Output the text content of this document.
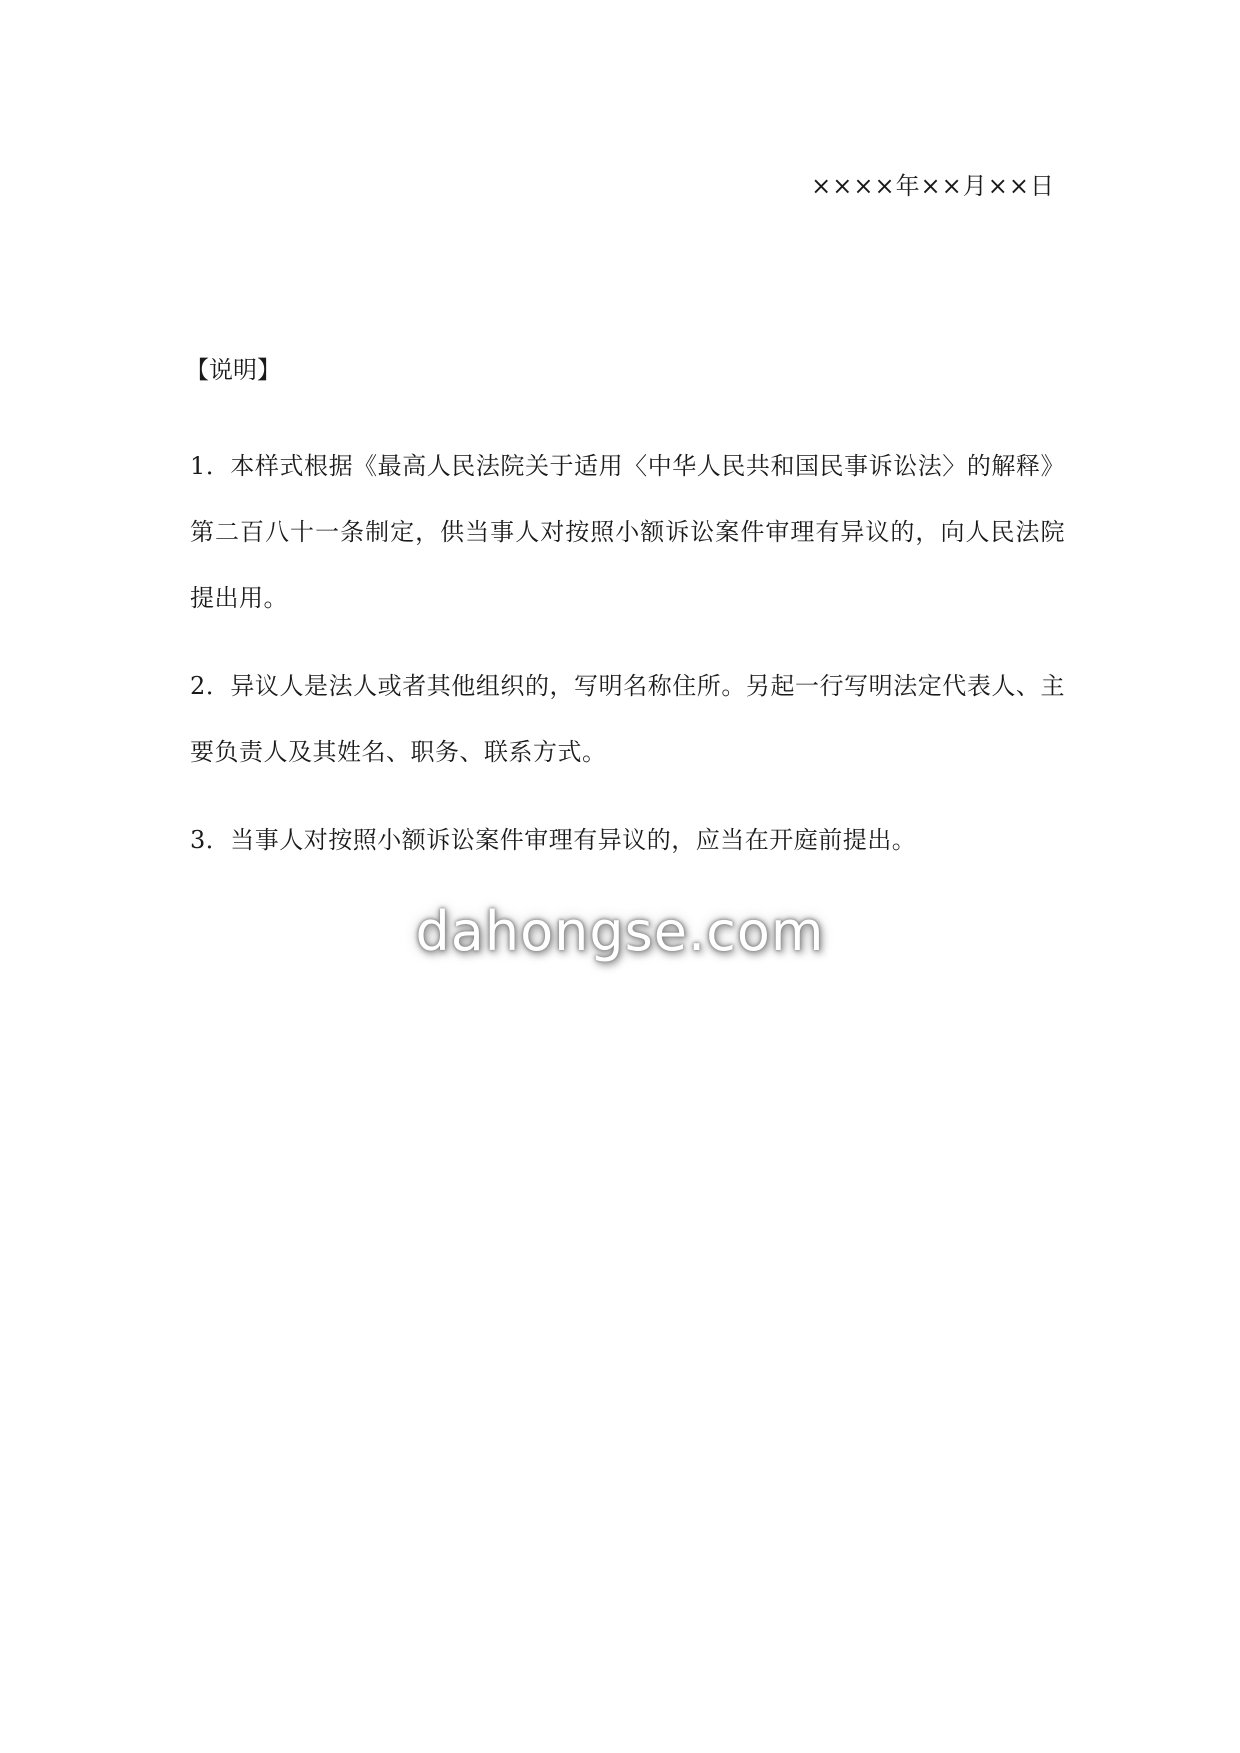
××××年××月××日
【说明】
1．本样式根据《最高人民法院关于适用〈中华人民共和国民事诉讼法〉的解释》第二百八十一条制定，供当事人对按照小额诉讼案件审理有异议的，向人民法院提出用。
2．异议人是法人或者其他组织的，写明名称住所。另起一行写明法定代表人、主要负责人及其姓名、职务、联系方式。
3．当事人对按照小额诉讼案件审理有异议的，应当在开庭前提出。
dahongse.com
